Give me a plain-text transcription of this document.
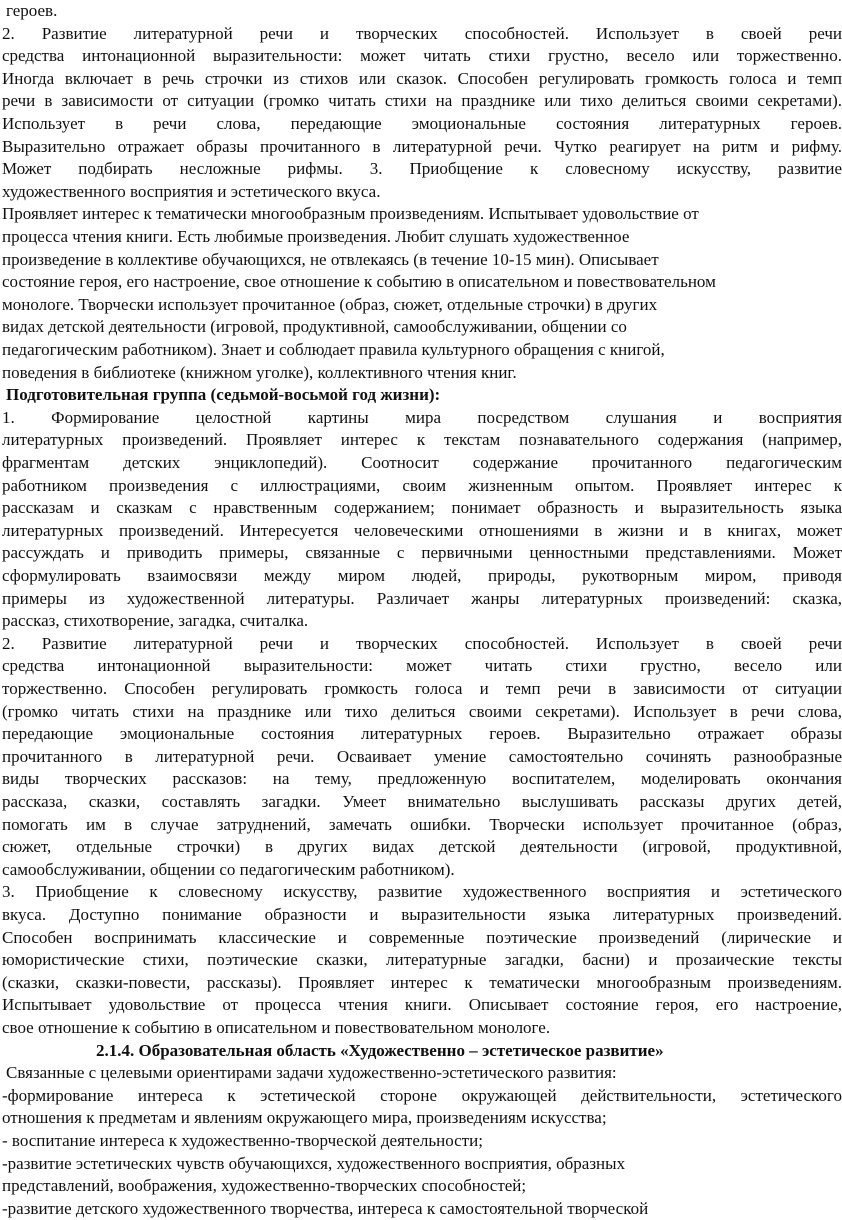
героев.
2. Развитие литературной речи и творческих способностей. Использует в своей речи
средства интонационной выразительности: может читать стихи грустно, весело или торжественно.
Иногда включает в речь строчки из стихов или сказок. Способен регулировать громкость голоса и темп
речи в зависимости от ситуации (громко читать стихи на празднике или тихо делиться своими секретами).
Использует в речи слова, передающие эмоциональные состояния литературных героев.
Выразительно отражает образы прочитанного в литературной речи. Чутко реагирует на ритм и рифму.
Может подбирать несложные рифмы. 3. Приобщение к словесному искусству, развитие
художественного восприятия и эстетического вкуса.
Проявляет интерес к тематически многообразным произведениям. Испытывает удовольствие от
процесса чтения книги. Есть любимые произведения. Любит слушать художественное
произведение в коллективе обучающихся, не отвлекаясь (в течение 10-15 мин). Описывает
состояние героя, его настроение, свое отношение к событию в описательном и повествовательном
монологе. Творчески использует прочитанное (образ, сюжет, отдельные строчки) в других
видах детской деятельности (игровой, продуктивной, самообслуживании, общении со
педагогическим работником). Знает и соблюдает правила культурного обращения с книгой,
поведения в библиотеке (книжном уголке), коллективного чтения книг.
Подготовительная группа (седьмой-восьмой год жизни):
1. Формирование целостной картины мира посредством слушания и восприятия
литературных произведений. Проявляет интерес к текстам познавательного содержания (например,
фрагментам детских энциклопедий). Соотносит содержание прочитанного педагогическим
работником произведения с иллюстрациями, своим жизненным опытом. Проявляет интерес к
рассказам и сказкам с нравственным содержанием; понимает образность и выразительность языка
литературных произведений. Интересуется человеческими отношениями в жизни и в книгах, может
рассуждать и приводить примеры, связанные с первичными ценностными представлениями. Может
сформулировать взаимосвязи между миром людей, природы, рукотворным миром, приводя
примеры из художественной литературы. Различает жанры литературных произведений: сказка,
рассказ, стихотворение, загадка, считалка.
2. Развитие литературной речи и творческих способностей. Использует в своей речи
средства интонационной выразительности: может читать стихи грустно, весело или
торжественно. Способен регулировать громкость голоса и темп речи в зависимости от ситуации
(громко читать стихи на празднике или тихо делиться своими секретами). Использует в речи слова,
передающие эмоциональные состояния литературных героев. Выразительно отражает образы
прочитанного в литературной речи. Осваивает умение самостоятельно сочинять разнообразные
виды творческих рассказов: на тему, предложенную воспитателем, моделировать окончания
рассказа, сказки, составлять загадки. Умеет внимательно выслушивать рассказы других детей,
помогать им в случае затруднений, замечать ошибки. Творчески использует прочитанное (образ,
сюжет, отдельные строчки) в других видах детской деятельности (игровой, продуктивной,
самообслуживании, общении со педагогическим работником).
3. Приобщение к словесному искусству, развитие художественного восприятия и эстетического
вкуса. Доступно понимание образности и выразительности языка литературных произведений.
Способен воспринимать классические и современные поэтические произведений (лирические и
юмористические стихи, поэтические сказки, литературные загадки, басни) и прозаические тексты
(сказки, сказки-повести, рассказы). Проявляет интерес к тематически многообразным произведениям.
Испытывает удовольствие от процесса чтения книги. Описывает состояние героя, его настроение,
свое отношение к событию в описательном и повествовательном монологе.
2.1.4. Образовательная область «Художественно – эстетическое развитие»
Связанные с целевыми ориентирами задачи художественно-эстетического развития:
-формирование интереса к эстетической стороне окружающей действительности, эстетического
отношения к предметам и явлениям окружающего мира, произведениям искусства;
- воспитание интереса к художественно-творческой деятельности;
-развитие эстетических чувств обучающихся, художественного восприятия, образных
представлений, воображения, художественно-творческих способностей;
-развитие детского художественного творчества, интереса к самостоятельной творческой
